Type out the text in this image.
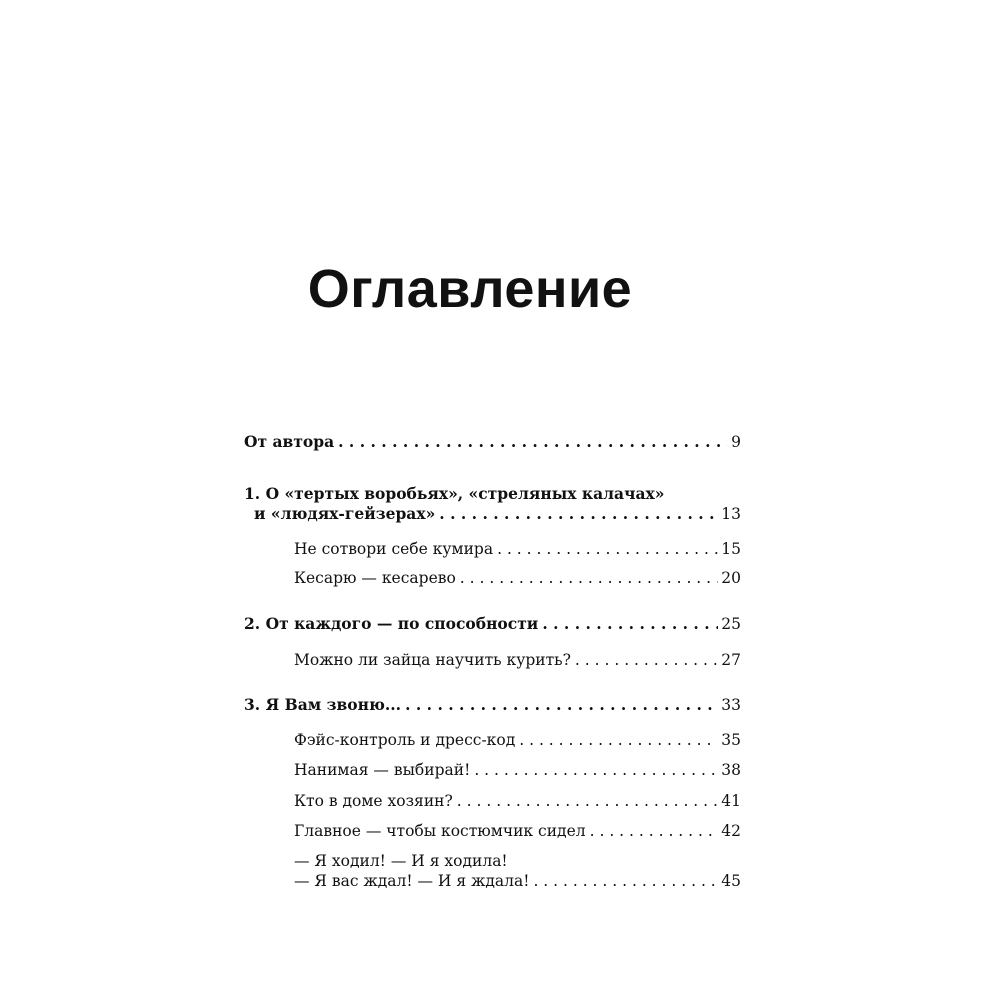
Оглавление
От автора . . .	9
1. О «тертых воробьях», «стреляных калачах»
и «людях-гейзерах» . . .	13
Не сотвори себе кумира . . .	15
Кесарю — кесарево . . .	20
2. От каждого — по способности . . .	25
Можно ли зайца научить курить? . . .	27
3. Я Вам звоню... . . .	33
Фэйс-контроль и дресс-код . . .	35
Нанимая — выбирай! . . .	38
Кто в доме хозяин? . . .	41
Главное — чтобы костюмчик сидел . . .	42
— Я ходил! — И я ходила!
— Я вас ждал! — И я ждала! . . .	45
